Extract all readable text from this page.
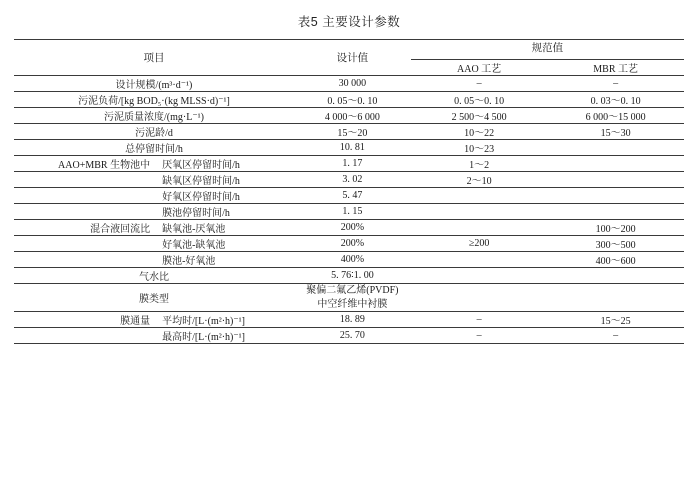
表5 主要设计参数
项目		设计值	规范值	
			AAO 工艺	MBR 工艺
设计规模/(m³·d⁻¹)		30 000	–	–
污泥负荷/[kg BOD₅·(kg MLSS·d)⁻¹]		0. 05～0. 10	0. 05～0. 10	0. 03～0. 10
污泥质量浓度/(mg·L⁻¹)		4 000～6 000	2 500～4 500	6 000～15 000
污泥龄/d		15～20	10～22	15～30
总停留时间/h		10. 81	10～23	
AAO+MBR 生物池中	厌氧区停留时间/h	1. 17	1～2	
	缺氧区停留时间/h	3. 02	2～10	
	好氧区停留时间/h	5. 47		
	膜池停留时间/h	1. 15		
混合液回流比	缺氧池-厌氧池	200%		100～200
	好氧池-缺氧池	200%	≥200	300～500
	膜池-好氧池	400%		400～600
气水比		5. 76∶1. 00		
膜类型		聚偏二氟乙烯(PVDF)
中空纤维中衬膜		
膜通量	平均时/[L·(m²·h)⁻¹]	18. 89	–	15～25
	最高时/[L·(m²·h)⁻¹]	25. 70	–	–
